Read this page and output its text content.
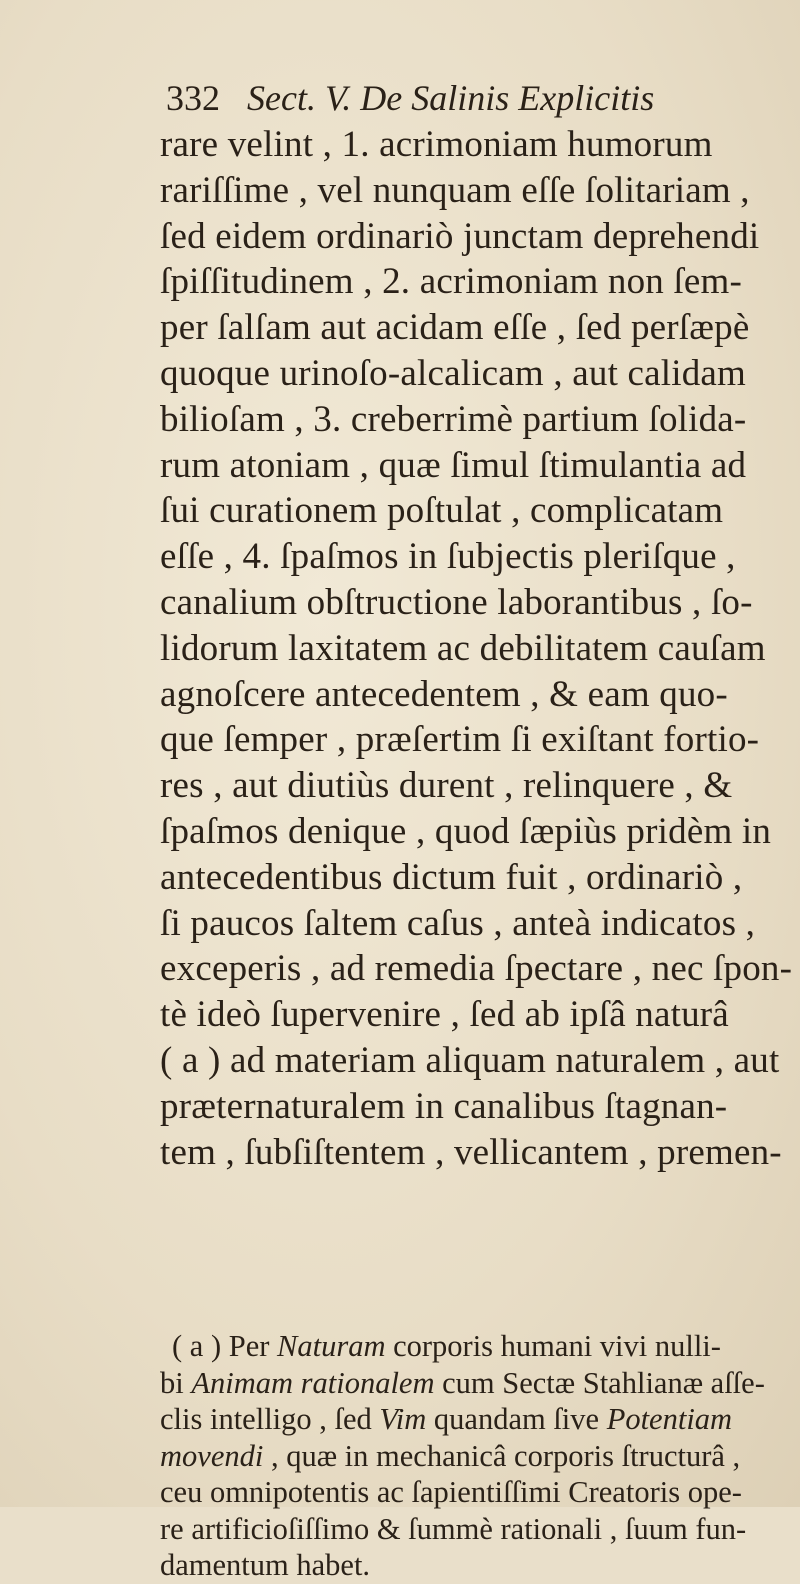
332 Sect. V. De Salinis Explicitis
rare velint , 1. acrimoniam humorum
rariſſime , vel nunquam eſſe ſolitariam ,
ſed eidem ordinariò junctam deprehendi
ſpiſſitudinem , 2. acrimoniam non ſem-
per ſalſam aut acidam eſſe , ſed perſæpè
quoque urinoſo-alcalicam , aut calidam
bilioſam , 3. creberrimè partium ſolida-
rum atoniam , quæ ſimul ſtimulantia ad
ſui curationem poſtulat , complicatam
eſſe , 4. ſpaſmos in ſubjectis pleriſque ,
canalium obſtructione laborantibus , ſo-
lidorum laxitatem ac debilitatem cauſam
agnoſcere antecedentem , & eam quo-
que ſemper , præſertim ſi exiſtant fortio-
res , aut diutiùs durent , relinquere , &
ſpaſmos denique , quod ſæpiùs pridèm in
antecedentibus dictum fuit , ordinariò ,
ſi paucos ſaltem caſus , anteà indicatos ,
exceperis , ad remedia ſpectare , nec ſpon-
tè ideò ſupervenire , ſed ab ipſâ naturâ
( a ) ad materiam aliquam naturalem , aut
præternaturalem in canalibus ſtagnan-
tem , ſubſiſtentem , vellicantem , premen-
( a ) Per Naturam corporis humani vivi nulli-
bi Animam rationalem cum Sectæ Stahlianæ aſſe-
clis intelligo , ſed Vim quandam ſive Potentiam
movendi , quæ in mechanicâ corporis ſtructurâ ,
ceu omnipotentis ac ſapientiſſimi Creatoris ope-
re artificioſiſſimo & ſummè rationali , ſuum fun-
damentum habet.
